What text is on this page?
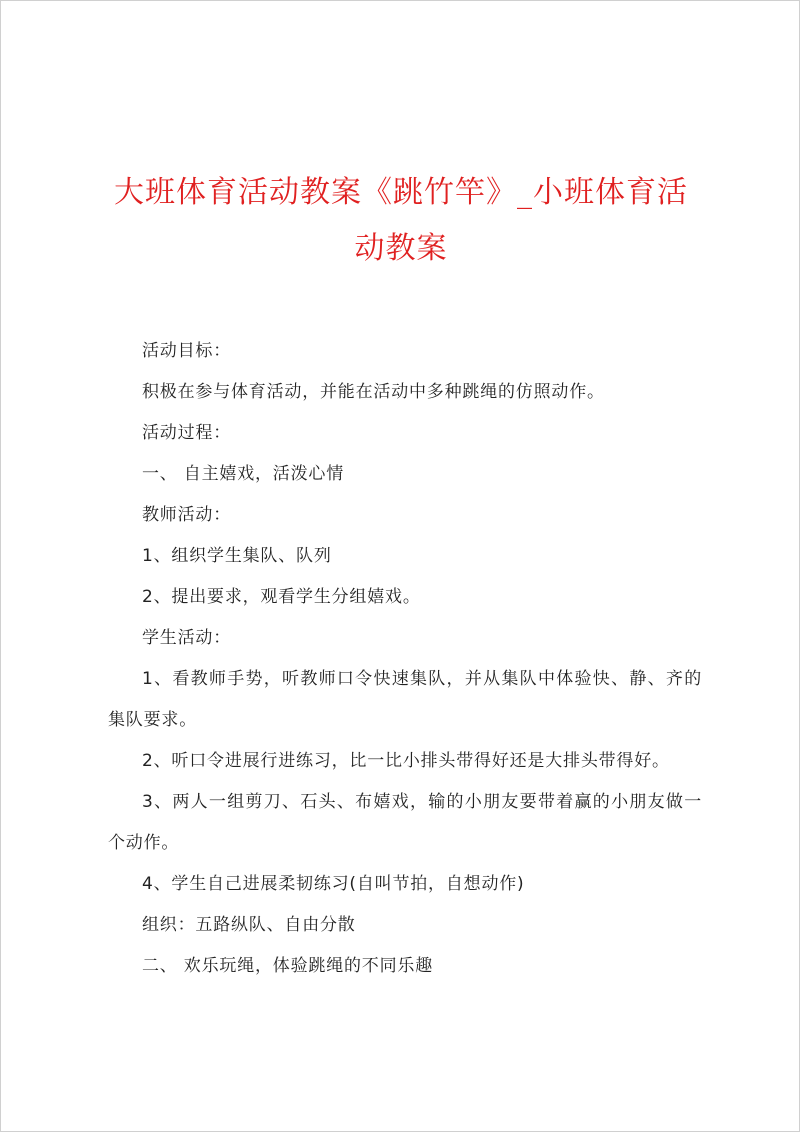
大班体育活动教案《跳竹竿》_小班体育活动教案

活动目标：

积极在参与体育活动，并能在活动中多种跳绳的仿照动作。

活动过程：

一、 自主嬉戏，活泼心情

教师活动：

1、组织学生集队、队列

2、提出要求，观看学生分组嬉戏。

学生活动：

1、看教师手势，听教师口令快速集队，并从集队中体验快、静、齐的集队要求。

2、听口令进展行进练习，比一比小排头带得好还是大排头带得好。

3、两人一组剪刀、石头、布嬉戏，输的小朋友要带着赢的小朋友做一个动作。

4、学生自己进展柔韧练习(自叫节拍，自想动作)

组织：五路纵队、自由分散

二、 欢乐玩绳，体验跳绳的不同乐趣
